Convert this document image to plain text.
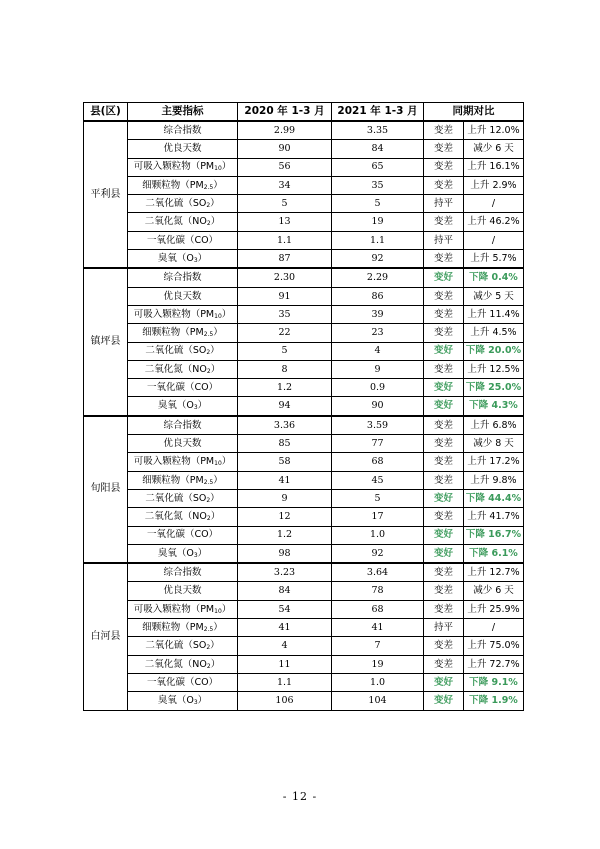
县(区)	主要指标	2020 年 1-3 月	2021 年 1-3 月	同期对比	
平利县	综合指数	2.99	3.35	变差	上升 12.0%
	优良天数	90	84	变差	减少 6 天
	可吸入颗粒物$(PM_{10})$	56	65	变差	上升 16.1%
	细颗粒物$(PM_{2.5})$	34	35	变差	上升 2.9%
	二氧化硫$(SO_2)$	5	5	持平	/
	二氧化氮$(NO_2)$	13	19	变差	上升 46.2%
	一氧化碳（CO）	1.1	1.1	持平	/
	臭氧$(O_3)$	87	92	变差	上升 5.7%
镇坪县	综合指数	2.30	2.29	变好	下降 0.4%
	优良天数	91	86	变差	减少 5 天
	可吸入颗粒物$(PM_{10})$	35	39	变差	上升 11.4%
	细颗粒物$(PM_{2.5})$	22	23	变差	上升 4.5%
	二氧化硫$(SO_2)$	5	4	变好	下降 20.0%
	二氧化氮$(NO_2)$	8	9	变差	上升 12.5%
	一氧化碳（CO）	1.2	0.9	变好	下降 25.0%
	臭氧$(O_3)$	94	90	变好	下降 4.3%
旬阳县	综合指数	3.36	3.59	变差	上升 6.8%
	优良天数	85	77	变差	减少 8 天
	可吸入颗粒物$(PM_{10})$	58	68	变差	上升 17.2%
	细颗粒物$(PM_{2.5})$	41	45	变差	上升 9.8%
	二氧化硫$(SO_2)$	9	5	变好	下降 44.4%
	二氧化氮$(NO_2)$	12	17	变差	上升 41.7%
	一氧化碳（CO）	1.2	1.0	变好	下降 16.7%
	臭氧$(O_3)$	98	92	变好	下降 6.1%
白河县	综合指数	3.23	3.64	变差	上升 12.7%
	优良天数	84	78	变差	减少 6 天
	可吸入颗粒物$(PM_{10})$	54	68	变差	上升 25.9%
	细颗粒物$(PM_{2.5})$	41	41	持平	/
	二氧化硫$(SO_2)$	4	7	变差	上升 75.0%
	二氧化氮$(NO_2)$	11	19	变差	上升 72.7%
	一氧化碳（CO）	1.1	1.0	变好	下降 9.1%
	臭氧$(O_3)$	106	104	变好	下降 1.9%
- 12 -
